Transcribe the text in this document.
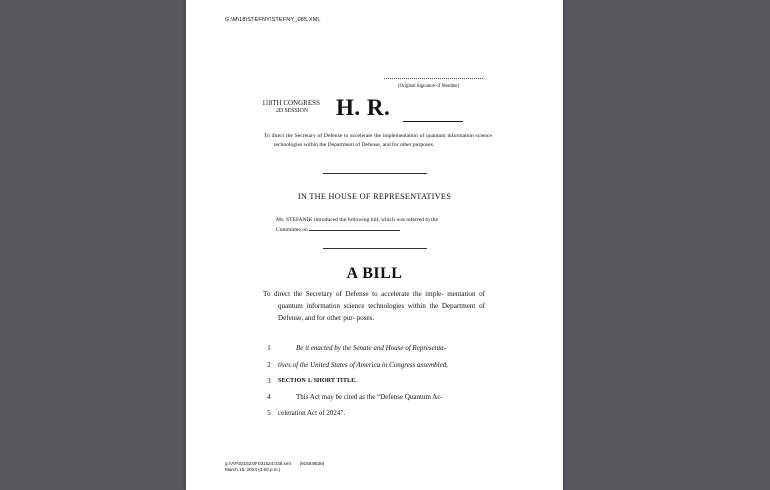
G:\M\18\STEFNY\STEFNY_085.XML
(Original Signature of Member)
118TH CONGRESS
2D SESSION H. R.
To direct the Secretary of Defense to accelerate the implementation of quantum information science technologies within the Department of Defense, and for other purposes.
IN THE HOUSE OF REPRESENTATIVES
Ms. STEFANIK introduced the following bill; which was referred to the
Committee on
A BILL
To direct the Secretary of Defense to accelerate the imple- mentation of quantum information science technologies within the Department of Defense, and for other pur- poses.
1	Be it enacted by the Senate and House of Representa-
2	tives of the United States of America in Congress assembled,
3	SECTION 1. SHORT TITLE.
4	This Act may be cited as the “Defense Quantum Ac-
5	celeration Act of 2024”.
g:\V\F\031524\F031524.038.xml (915546I26)
March 15, 2024 (3:50 p.m.)
